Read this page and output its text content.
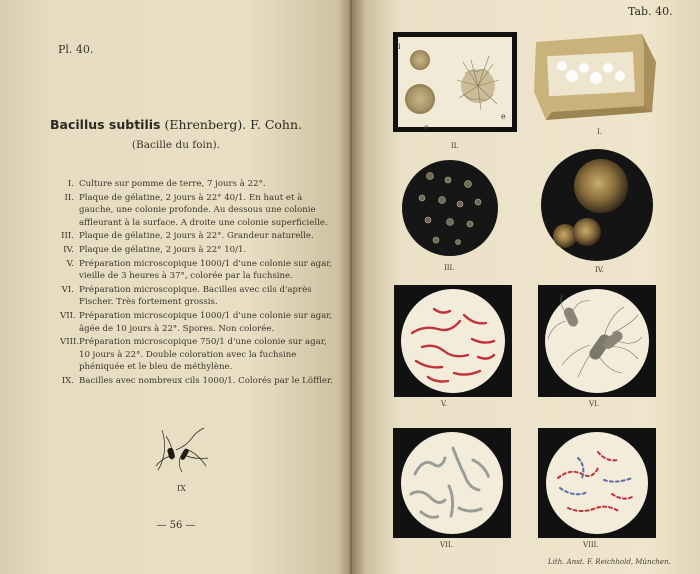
Pl. 40.
Bacillus subtilis (Ehrenberg). F. Cohn.
(Bacille du foin).
I. Culture sur pomme de terre, 7 jours à 22°.
II. Plaque de gélatine, 2 jours à 22° 40/1. En haut et à gauche, une colonie profonde. Au dessous une colonie affleurant à la surface. A droite une colonie superficielle.
III. Plaque de gélatine, 2 jours à 22°. Grandeur naturelle.
IV. Plaque de gélatine, 2 jours à 22° 10/1.
V. Préparation microscopique 1000/1 d'une colonie sur agar, vieille de 3 heures à 37°, colorée par la fuchsine.
VI. Préparation microscopique. Bacilles avec cils d'après Fischer. Très fortement grossis.
VII. Préparation microscopique 1000/1 d'une colonie sur agar, âgée de 10 jours à 22°. Spores. Non colorée.
VIII. Préparation microscopique 750/1 d'une colonie sur agar, 10 jours à 22°. Double coloration avec la fuchsine phéniquée et le bleu de méthylène.
IX. Bacilles avec nombreux cils 1000/1. Colorés par le Löffler.
IX
— 56 —
Tab. 40.
i
e
e
II.
I.
III.	IV.
V.	VI.
VII.	VIII.
Lith. Anst. F. Reichhold, München.
